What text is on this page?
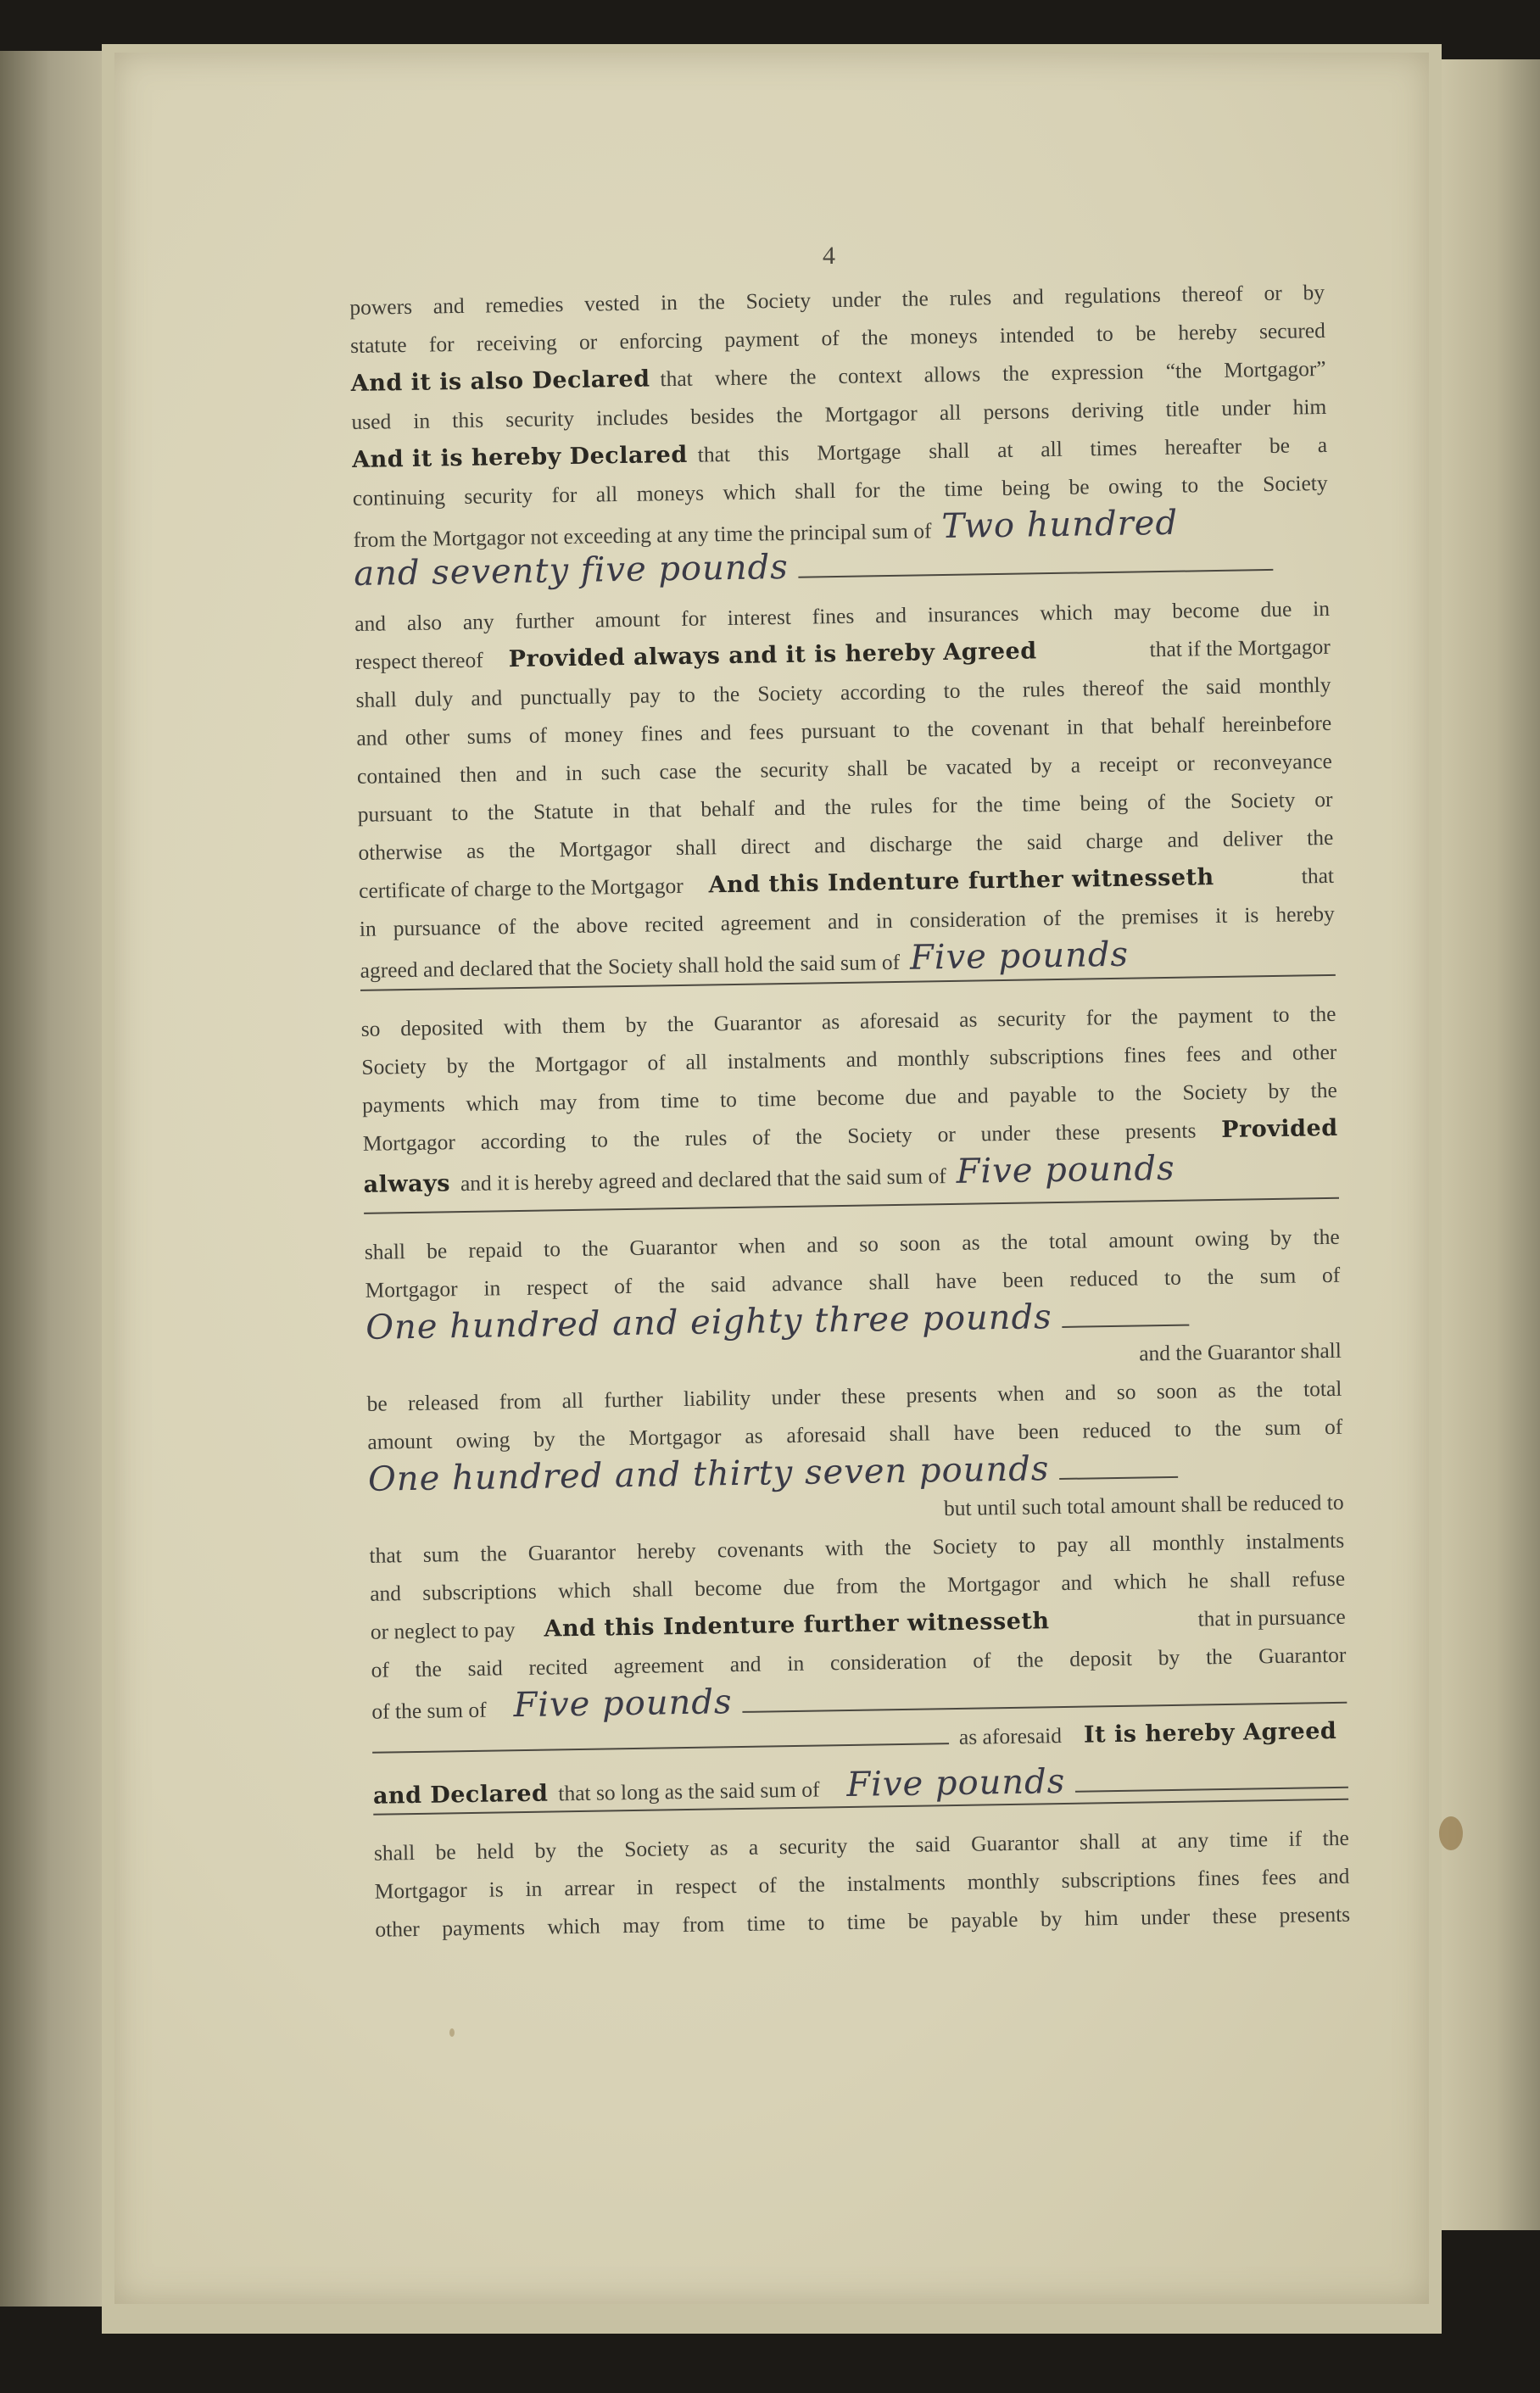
4
powers and remedies vested in the Society under the rules and regulations thereof or by
statute for receiving or enforcing payment of the moneys intended to be hereby secured
And it is also Declared that where the context allows the expression “the Mortgagor”
used in this security includes besides the Mortgagor all persons deriving title under him
And it is hereby Declared that this Mortgage shall at all times hereafter be a
continuing security for all moneys which shall for the time being be owing to the Society
from the Mortgagor not exceeding at any time the principal sum of Two hundred
and seventy five pounds
and also any further amount for interest fines and insurances which may become due in
respect thereof Provided always and it is hereby Agreed	that if the Mortgagor
shall duly and punctually pay to the Society according to the rules thereof the said monthly
and other sums of money fines and fees pursuant to the covenant in that behalf hereinbefore
contained then and in such case the security shall be vacated by a receipt or reconveyance
pursuant to the Statute in that behalf and the rules for the time being of the Society or
otherwise as the Mortgagor shall direct and discharge the said charge and deliver the
certificate of charge to the Mortgagor And this Indenture further witnesseth	that
in pursuance of the above recited agreement and in consideration of the premises it is hereby
agreed and declared that the Society shall hold the said sum of Five pounds
so deposited with them by the Guarantor as aforesaid as security for the payment to the
Society by the Mortgagor of all instalments and monthly subscriptions fines fees and other
payments which may from time to time become due and payable to the Society by the
Mortgagor according to the rules of the Society or under these presents Provided
always and it is hereby agreed and declared that the said sum of Five pounds
shall be repaid to the Guarantor when and so soon as the total amount owing by the
Mortgagor in respect of the said advance shall have been reduced to the sum of
One hundred and eighty three pounds
and the Guarantor shall
be released from all further liability under these presents when and so soon as the total
amount owing by the Mortgagor as aforesaid shall have been reduced to the sum of
One hundred and thirty seven pounds
but until such total amount shall be reduced to
that sum the Guarantor hereby covenants with the Society to pay all monthly instalments
and subscriptions which shall become due from the Mortgagor and which he shall refuse
or neglect to pay And this Indenture further witnesseth	that in pursuance
of the said recited agreement and in consideration of the deposit by the Guarantor
of the sum of Five pounds
as aforesaid It is hereby Agreed
and Declared that so long as the said sum of Five pounds
shall be held by the Society as a security the said Guarantor shall at any time if the
Mortgagor is in arrear in respect of the instalments monthly subscriptions fines fees and
other payments which may from time to time be payable by him under these presents
